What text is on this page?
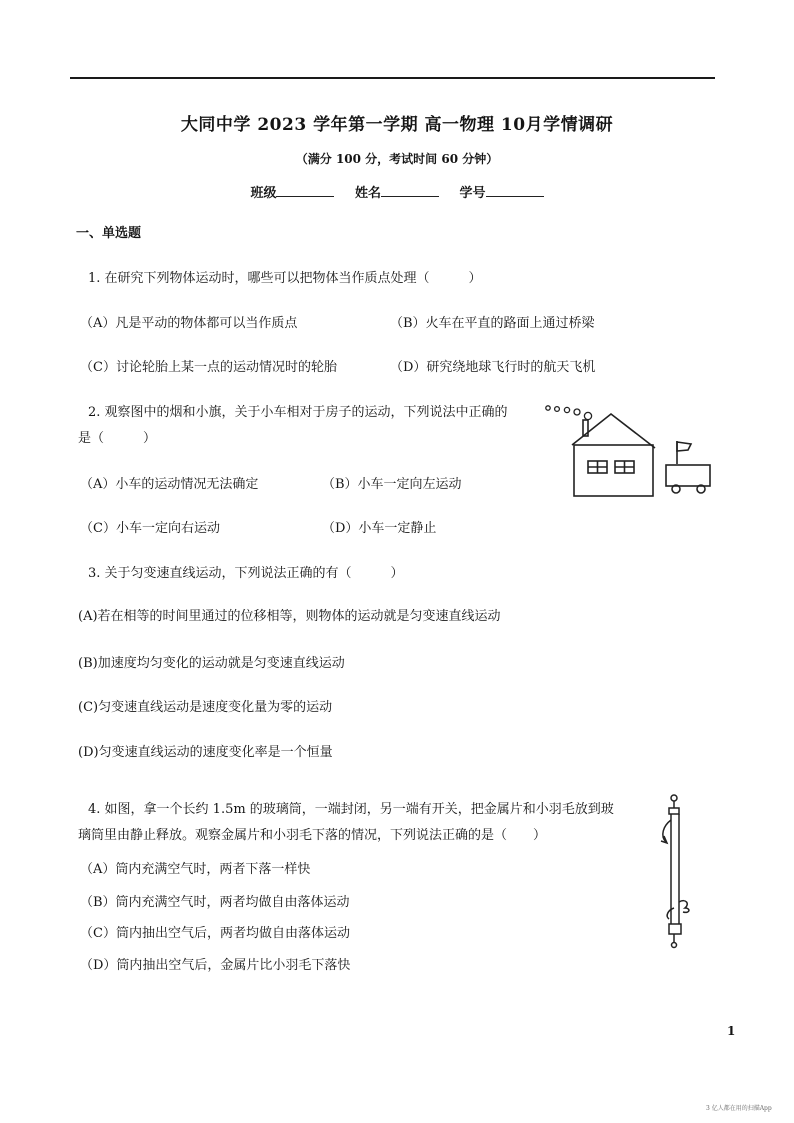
大同中学 2023 学年第一学期 高一物理 10月学情调研
（满分 100 分，考试时间 60 分钟）
班级	姓名	学号
一、单选题
1. 在研究下列物体运动时，哪些可以把物体当作质点处理（　　　）
（A）凡是平动的物体都可以当作质点	（B）火车在平直的路面上通过桥梁
（C）讨论轮胎上某一点的运动情况时的轮胎	（D）研究绕地球飞行时的航天飞机
2. 观察图中的烟和小旗，关于小车相对于房子的运动，下列说法中正确的
是（　　　）
（A）小车的运动情况无法确定	（B）小车一定向左运动
（C）小车一定向右运动	（D）小车一定静止
3. 关于匀变速直线运动，下列说法正确的有（　　　）
(A)若在相等的时间里通过的位移相等，则物体的运动就是匀变速直线运动
(B)加速度均匀变化的运动就是匀变速直线运动
(C)匀变速直线运动是速度变化量为零的运动
(D)匀变速直线运动的速度变化率是一个恒量
4. 如图，拿一个长约 1.5m 的玻璃筒，一端封闭，另一端有开关，把金属片和小羽毛放到玻
璃筒里由静止释放。观察金属片和小羽毛下落的情况，下列说法正确的是（　　）
（A）筒内充满空气时，两者下落一样快
（B）筒内充满空气时，两者均做自由落体运动
（C）筒内抽出空气后，两者均做自由落体运动
（D）筒内抽出空气后，金属片比小羽毛下落快
1
3 亿人都在用的扫描App
